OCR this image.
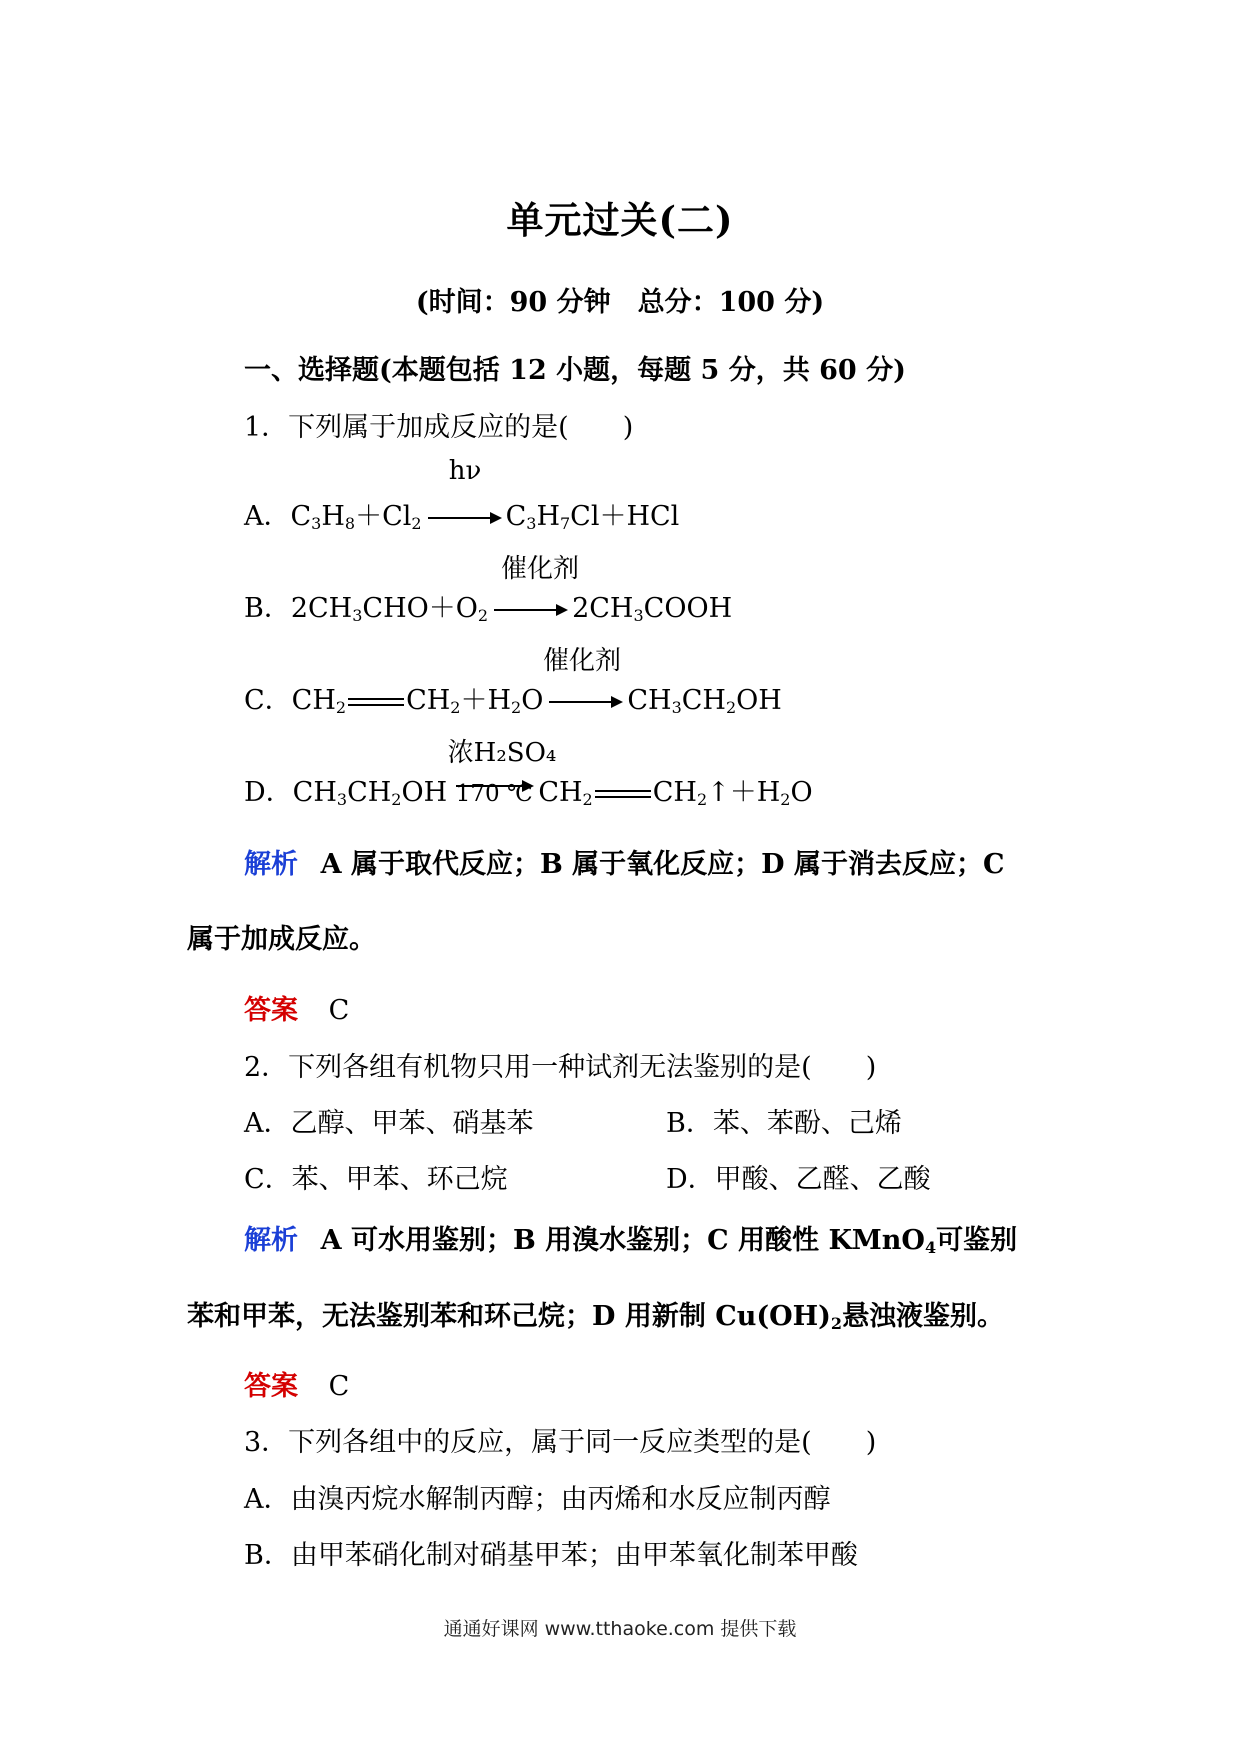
单元过关(二)
(时间：90 分钟　总分：100 分)
一、选择题(本题包括 12 小题，每题 5 分，共 60 分)
1．下列属于加成反应的是(　　)
hν
A．$C_3H_8+Cl_2 \to C_3H_7Cl+HCl$
催化剂
B．$2CH_3CHO+O_2$ → $2CH_3COOH$
催化剂
C．$CH_2$ $CH_2+H_2O \to CH_3CH_2OH$
浓H₂SO₄
D．$CH_3CH_2OH$ 170 ℃
$CH_2$ $CH_2↑+H_2O$
解析 A 属于取代反应；B 属于氧化反应；D 属于消去反应；C
属于加成反应。
答案 C
2．下列各组有机物只用一种试剂无法鉴别的是(　　)
A．乙醇、甲苯、硝基苯	B．苯、苯酚、己烯
C．苯、甲苯、环己烷	D．甲酸、乙醛、乙酸
解析 A 可水用鉴别；B 用溴水鉴别；C 用酸性 KMnO$_4$可鉴别
苯和甲苯，无法鉴别苯和环己烷；D 用新制 $Cu(OH)_2$悬浊液鉴别。
答案 C
3．下列各组中的反应，属于同一反应类型的是(　　)
A．由溴丙烷水解制丙醇；由丙烯和水反应制丙醇
B．由甲苯硝化制对硝基甲苯；由甲苯氧化制苯甲酸
通通好课网 www.tthaoke.com 提供下载
